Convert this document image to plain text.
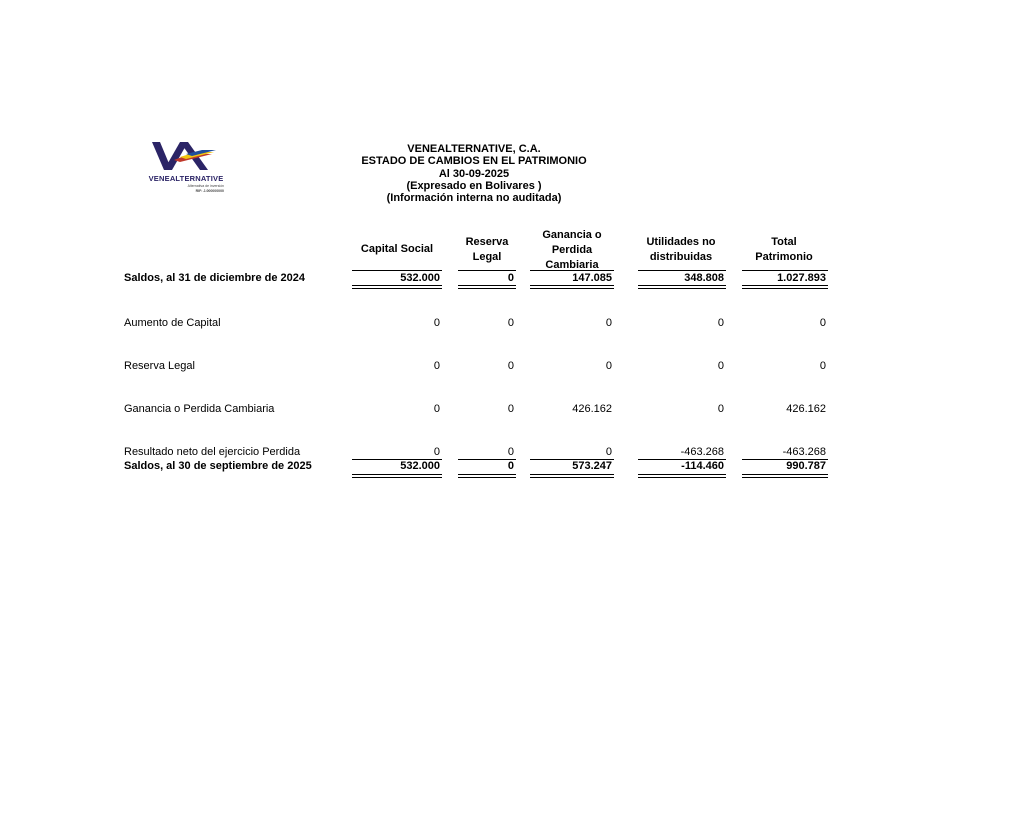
VENEALTERNATIVE
Alternativa de inversión
RIF: J-000000000
VENEALTERNATIVE, C.A.
ESTADO DE CAMBIOS EN EL PATRIMONIO
Al 30-09-2025
(Expresado en Bolivares )
(Información interna no auditada)
Capital Social
Reserva
Legal
Ganancia o
Perdida
Cambiaria
Utilidades no
distribuidas
Total
Patrimonio
Saldos, al 31 de diciembre de 2024	532.000	0	147.085	348.808	1.027.893
Aumento de Capital	0	0	0	0	0
Reserva Legal	0	0	0	0	0
Ganancia o Perdida Cambiaria	0	0	426.162	0	426.162
Resultado neto del ejercicio Perdida	0	0	0	-463.268	-463.268
Saldos, al 30 de septiembre de 2025	532.000	0	573.247	-114.460	990.787
